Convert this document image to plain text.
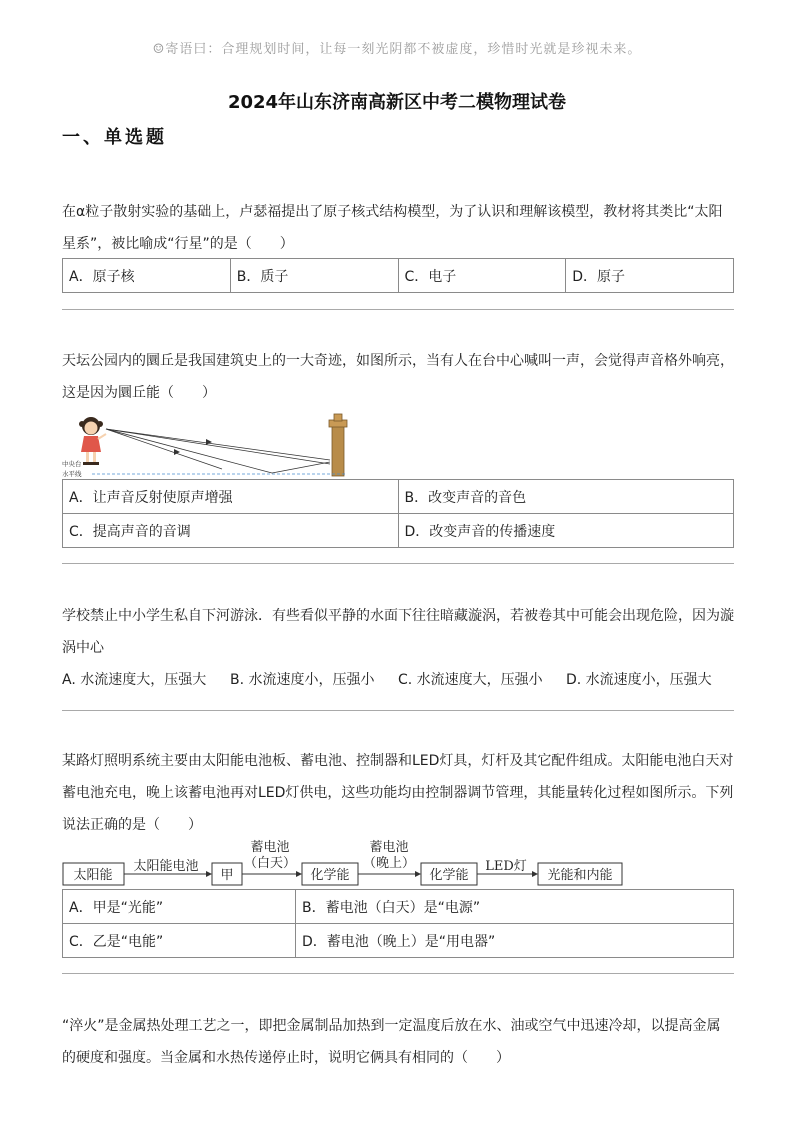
☺寄语曰：合理规划时间，让每一刻光阴都不被虚度，珍惜时光就是珍视未来。
2024年山东济南高新区中考二模物理试卷
一、单选题
在α粒子散射实验的基础上，卢瑟福提出了原子核式结构模型，为了认识和理解该模型，教材将其类比“太阳
星系”，被比喻成“行星”的是（　　）
A．原子核	B．质子	C．电子	D．原子
天坛公园内的圜丘是我国建筑史上的一大奇迹，如图所示，当有人在台中心喊叫一声，会觉得声音格外响亮，
这是因为圜丘能（　　）
中央台
水平线
A．让声音反射使原声增强	B．改变声音的音色
C．提高声音的音调	D．改变声音的传播速度
学校禁止中小学生私自下河游泳．有些看似平静的水面下往往暗藏漩涡，若被卷其中可能会出现危险，因为漩
涡中心
A. 水流速度大，压强大 B. 水流速度小，压强小 C. 水流速度大，压强小 D. 水流速度小，压强大
某路灯照明系统主要由太阳能电池板、蓄电池、控制器和LED灯具，灯杆及其它配件组成。太阳能电池白天对
蓄电池充电，晚上该蓄电池再对LED灯供电，这些功能均由控制器调节管理，其能量转化过程如图所示。下列
说法正确的是（　　）
太阳能
太阳能电池
甲
蓄电池
（白天）
化学能
蓄电池
（晚上）
化学能
LED灯
光能和内能
A．甲是“光能”	B．蓄电池（白天）是“电源”
C．乙是“电能”	D．蓄电池（晚上）是“用电器”
“淬火”是金属热处理工艺之一，即把金属制品加热到一定温度后放在水、油或空气中迅速冷却，以提高金属
的硬度和强度。当金属和水热传递停止时，说明它俩具有相同的（　　）
